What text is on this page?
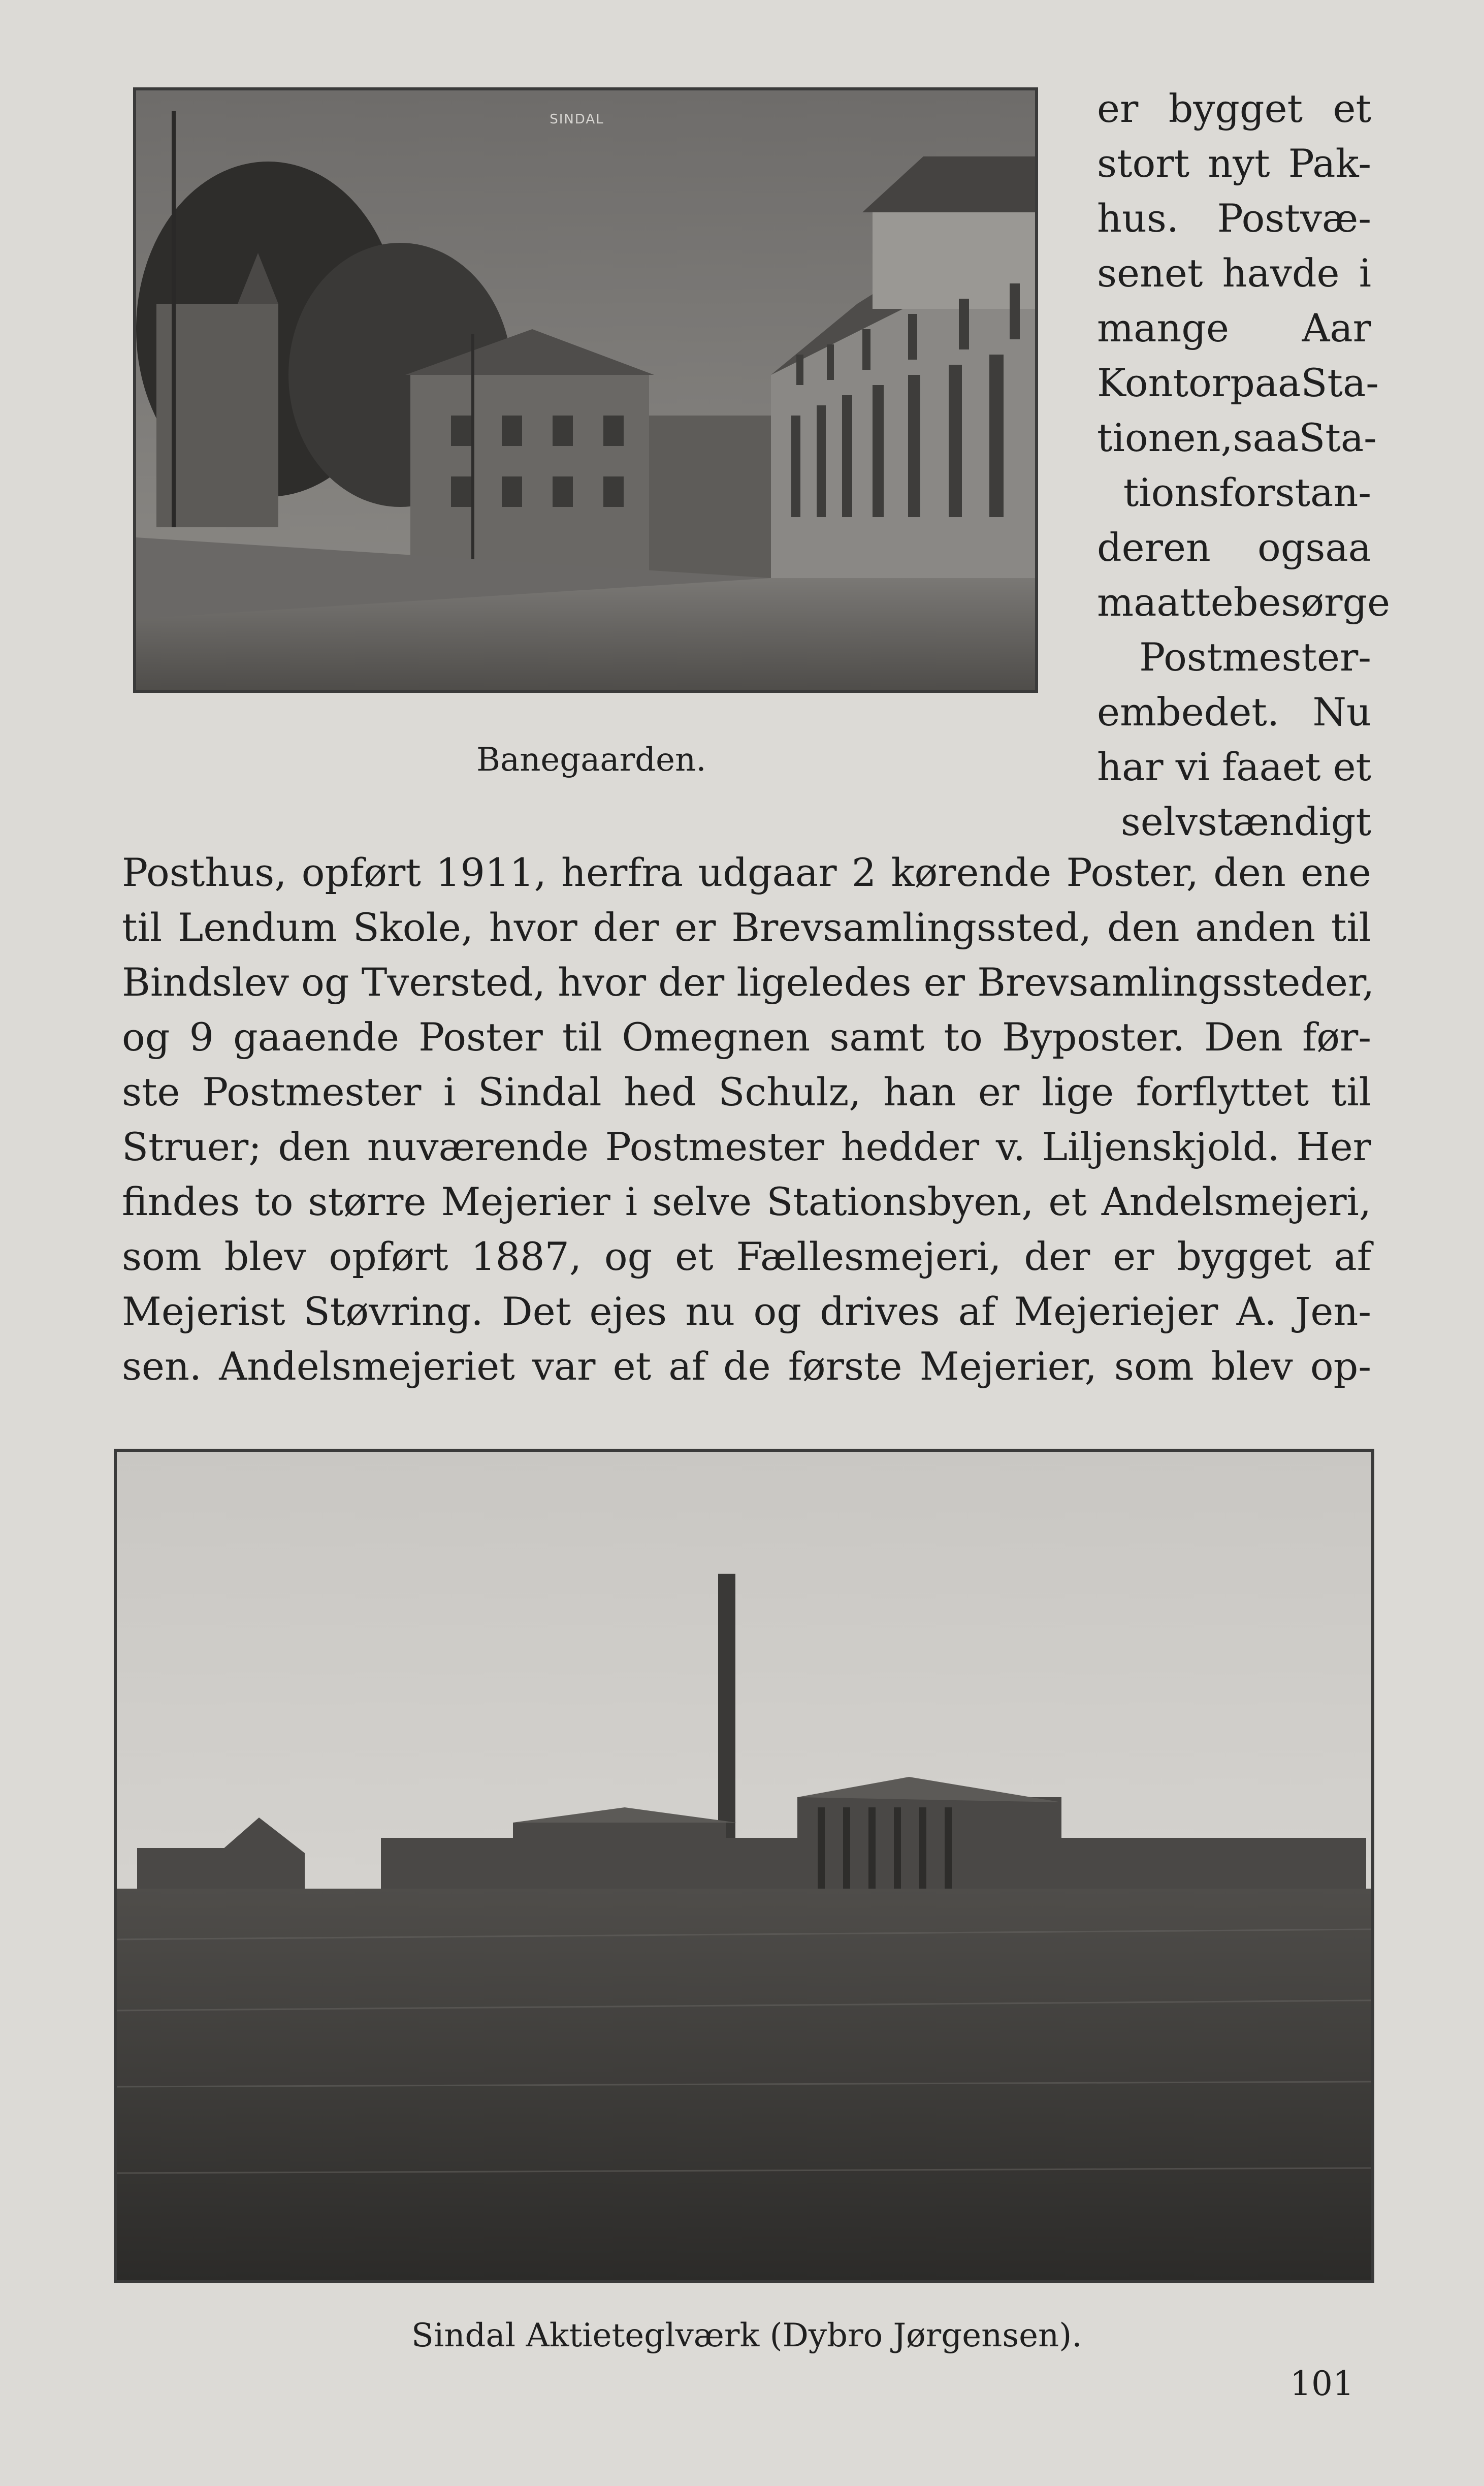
SINDAL
Banegaarden.
er bygget et
stort nyt Pak-
hus. Postvæ-
senet havde i
mange Aar
KontorpaaSta-
tionen,saaSta-
tionsforstan-
deren ogsaa
maattebesørge
Postmester-
embedet. Nu
har vi faaet et
selvstændigt
Posthus, opført 1911, herfra udgaar 2 kørende Poster, den ene
til Lendum Skole, hvor der er Brevsamlingssted, den anden til
Bindslev og Tversted, hvor der ligeledes er Brevsamlingssteder,
og 9 gaaende Poster til Omegnen samt to Byposter. Den før-
ste Postmester i Sindal hed Schulz, han er lige forflyttet til
Struer; den nuværende Postmester hedder v. Liljenskjold. Her
findes to større Mejerier i selve Stationsbyen, et Andelsmejeri,
som blev opført 1887, og et Fællesmejeri, der er bygget af
Mejerist Støvring. Det ejes nu og drives af Mejeriejer A. Jen-
sen. Andelsmejeriet var et af de første Mejerier, som blev op-
Sindal Aktieteglværk (Dybro Jørgensen).
101
